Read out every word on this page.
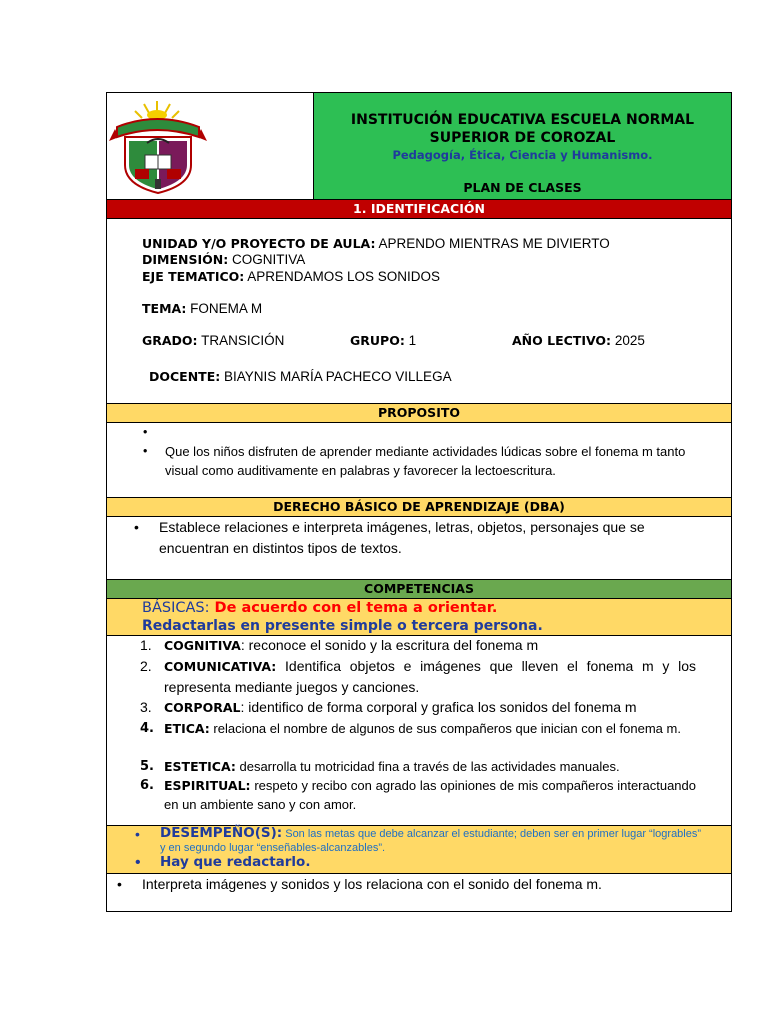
INSTITUCIÓN EDUCATIVA ESCUELA NORMAL SUPERIOR DE COROZAL
Pedagogía, Ética, Ciencia y Humanismo.
PLAN DE CLASES
1. IDENTIFICACIÓN
UNIDAD Y/O PROYECTO DE AULA: APRENDO MIENTRAS ME DIVIERTO
DIMENSIÓN: COGNITIVA
EJE TEMATICO: APRENDAMOS LOS SONIDOS
TEMA: FONEMA M
GRADO: TRANSICIÓN	GRUPO: 1	AÑO LECTIVO: 2025
DOCENTE: BIAYNIS MARÍA PACHECO VILLEGA
PROPOSITO
•
•	Que los niños disfruten de aprender mediante actividades lúdicas sobre el fonema m tanto visual como auditivamente en palabras y favorecer la lectoescritura.
DERECHO BÁSICO DE APRENDIZAJE (DBA)
•	Establece relaciones e interpreta imágenes, letras, objetos, personajes que se encuentran en distintos tipos de textos.
COMPETENCIAS
BÁSICAS: De acuerdo con el tema a orientar.
Redactarlas en presente simple o tercera persona.
1. COGNITIVA: reconoce el sonido y la escritura del fonema m
2. COMUNICATIVA: Identifica objetos e imágenes que lleven el fonema m y los representa mediante juegos y canciones.
3. CORPORAL: identifico de forma corporal y grafica los sonidos del fonema m
4. ETICA: relaciona el nombre de algunos de sus compañeros que inician con el fonema m.
5. ESTETICA: desarrolla tu motricidad fina a través de las actividades manuales.
6. ESPIRITUAL: respeto y recibo con agrado las opiniones de mis compañeros interactuando en un ambiente sano y con amor.
•	DESEMPEÑO(S): Son las metas que debe alcanzar el estudiante; deben ser en primer lugar “logrables” y en segundo lugar “enseñables-alcanzables”.
•	Hay que redactarlo.
•	Interpreta imágenes y sonidos y los relaciona con el sonido del fonema m.
